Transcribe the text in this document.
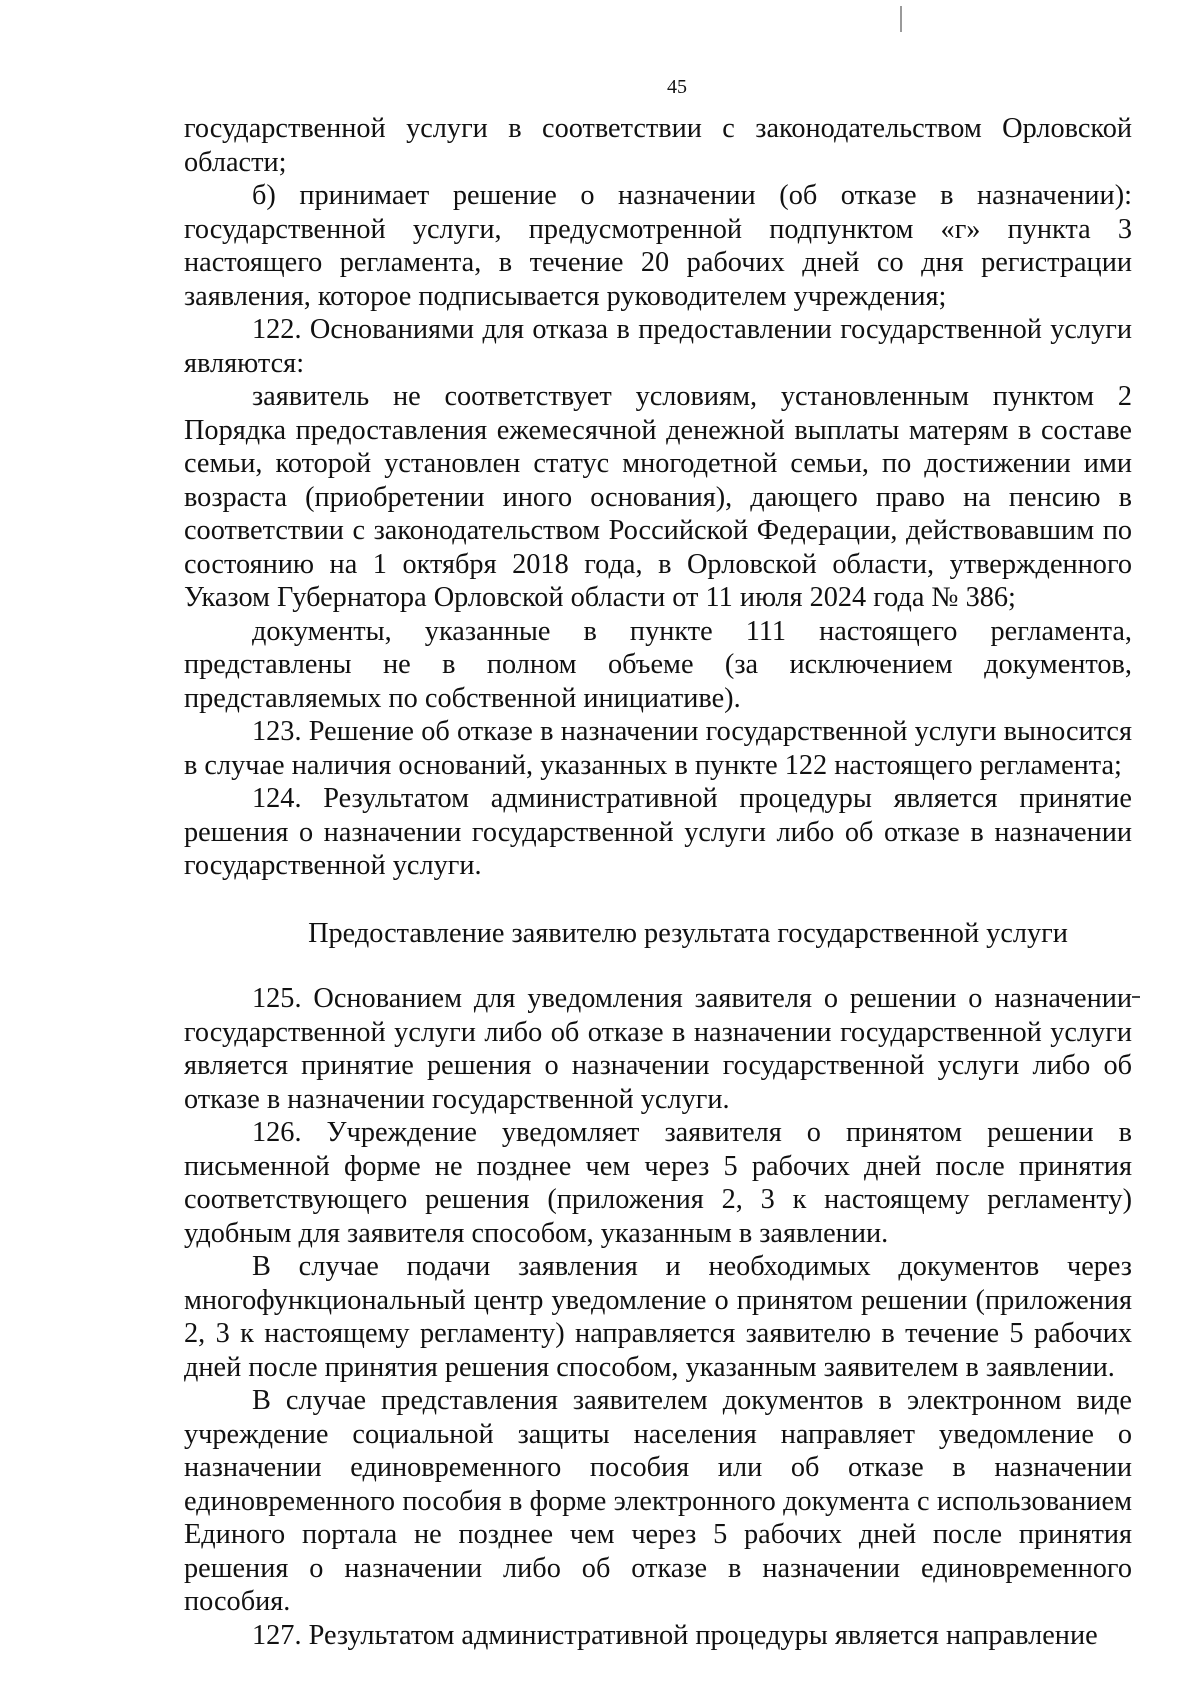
45

государственной услуги в соответствии с законодательством Орловской области;

б) принимает решение о назначении (об отказе в назначении): государственной услуги, предусмотренной подпунктом «г» пункта 3 настоящего регламента, в течение 20 рабочих дней со дня регистрации заявления, которое подписывается руководителем учреждения;

122. Основаниями для отказа в предоставлении государственной услуги являются:

заявитель не соответствует условиям, установленным пунктом 2 Порядка предоставления ежемесячной денежной выплаты матерям в составе семьи, которой установлен статус многодетной семьи, по достижении ими возраста (приобретении иного основания), дающего право на пенсию в соответствии с законодательством Российской Федерации, действовавшим по состоянию на 1 октября 2018 года, в Орловской области, утвержденного Указом Губернатора Орловской области от 11 июля 2024 года № 386;

документы, указанные в пункте 111 настоящего регламента, представлены не в полном объеме (за исключением документов, представляемых по собственной инициативе).

123. Решение об отказе в назначении государственной услуги выносится в случае наличия оснований, указанных в пункте 122 настоящего регламента;

124. Результатом административной процедуры является принятие решения о назначении государственной услуги либо об отказе в назначении государственной услуги.

Предоставление заявителю результата государственной услуги

125. Основанием для уведомления заявителя о решении о назначении государственной услуги либо об отказе в назначении государственной услуги является принятие решения о назначении государственной услуги либо об отказе в назначении государственной услуги.

126. Учреждение уведомляет заявителя о принятом решении в письменной форме не позднее чем через 5 рабочих дней после принятия соответствующего решения (приложения 2, 3 к настоящему регламенту) удобным для заявителя способом, указанным в заявлении.

В случае подачи заявления и необходимых документов через многофункциональный центр уведомление о принятом решении (приложения 2, 3 к настоящему регламенту) направляется заявителю в течение 5 рабочих дней после принятия решения способом, указанным заявителем в заявлении.

В случае представления заявителем документов в электронном виде учреждение социальной защиты населения направляет уведомление о назначении единовременного пособия или об отказе в назначении единовременного пособия в форме электронного документа с использованием Единого портала не позднее чем через 5 рабочих дней после принятия решения о назначении либо об отказе в назначении единовременного пособия.

127. Результатом административной процедуры является направление
